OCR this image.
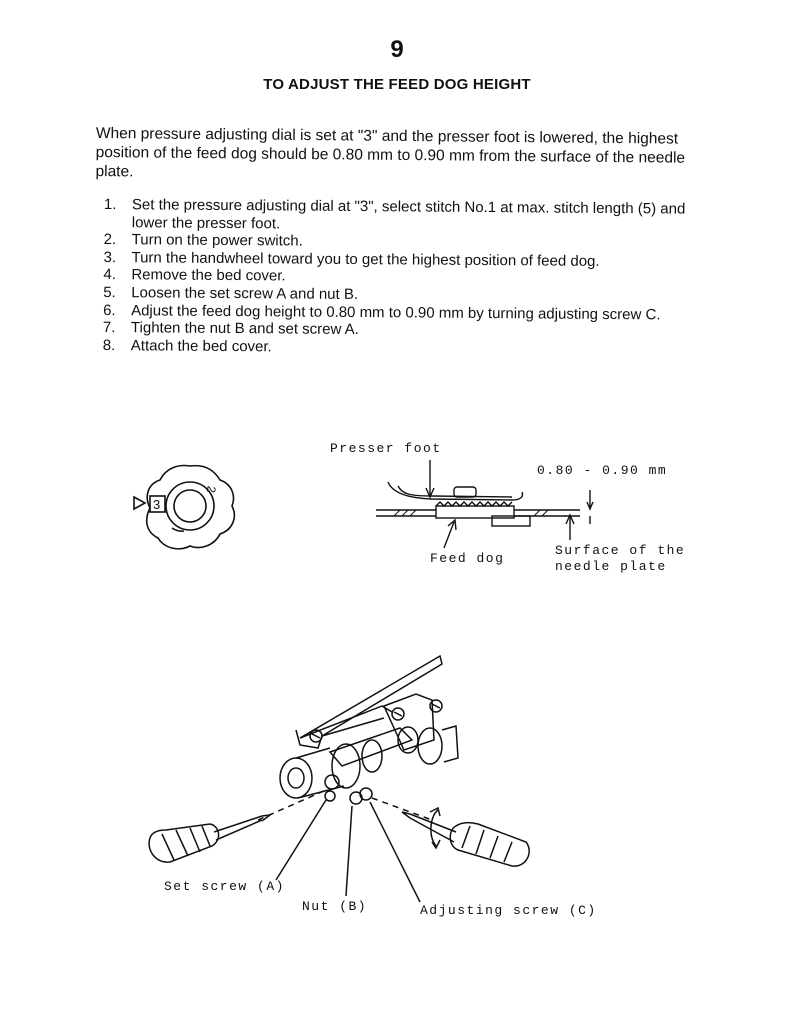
9
TO ADJUST THE FEED DOG HEIGHT

When pressure adjusting dial is set at "3" and the presser foot is lowered, the highest position of the feed dog should be 0.80 mm to 0.90 mm from the surface of the needle plate.

1. Set the pressure adjusting dial at "3", select stitch No.1 at max. stitch length (5) and lower the presser foot.
2. Turn on the power switch.
3. Turn the handwheel toward you to get the highest position of feed dog.
4. Remove the bed cover.
5. Loosen the set screw A and nut B.
6. Adjust the feed dog height to 0.80 mm to 0.90 mm by turning adjusting screw C.
7. Tighten the nut B and set screw A.
8. Attach the bed cover.
3
2
Presser foot
0.80 - 0.90 mm
Feed dog
Surface of the
needle plate
Set screw (A)
Nut (B)	Adjusting screw (C)
